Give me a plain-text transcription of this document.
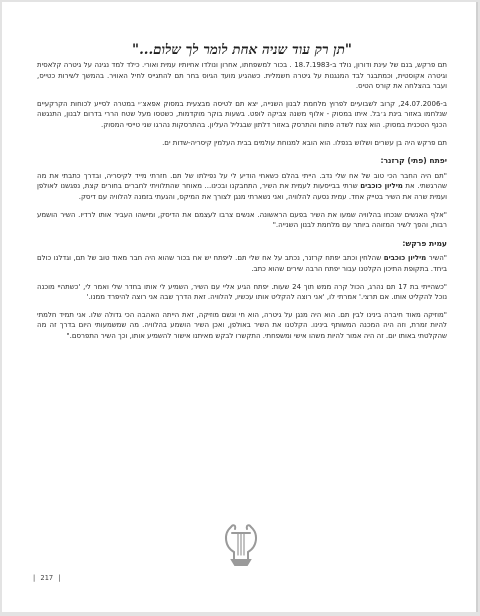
"תן רק עוד שניה אחת לומר לך שלום..."

תם פרקש, בנם של עינת ודורון, נולד ב-18.7.1983 . בכור למשפחתו, אחרון ונולדו אחיותיו עמית ואורי. כילד למד נגינה על גיטרה קלאסית וגיטרה אקוסטית, וכמתבגר לבד המנגנות על גיטרה חשמלית. כשהגיע מועד הגיוס בחר תם להתגייס לחיל האוויר. בהמשך לשירות כטייס, ועבר בהצלחה את קורס הטיס.

ב-24.07.2006, קרוב לשבועיים לפרוץ מלחמת לבנון השנייה, יצא תם לטיסה מבצעית במסוק אפאצ׳י במטרה לסייע לכוחות הקרקעיים שנלחמו באזור בינת ג׳בל. איתו במסוק - אלוף משנה צביקה לופט. בשעות בוקר מוקדמות, כשטסו מעל שטח הררי בדרום לבנון, התנגשה הכנף הטכנית במסוק. הוא צנח לשדה פתוח והתרסק באזור דלתון שבגליל העליון. בהתרסקות נהרגו שני טייסי המסוק.

תם פרקש היה בן עשרים ושלוש בנפלו. הוא הובא למנוחת עולמים בבית העלמין קיסריה-שדות ים.

יפתח (פתי) קרזנר:

"תם היה החבר הכי טוב של אח שלי נדב. הייתי בהלם כשאחי הודיע לי על נפילתו של תם. חזרתי מייד לקיסריה, ובדרך כתבתי את מה שהרגשתי. את מיליון כוכבים שרתי בבייסעות לעמית את השיר, התחבקנו ובכינו... מאוחר שהתלוויתי לחברים בחורים קצת, נפגשנו לאולפן ועמית שרה את השיר בטייק אחד. עמית נסעה להלוויה, ואני נשארתי מנגן לצורך את המיקס, והגעתי בזמנה להלוויה עם דיסק.

"אלף האנשים שנכחו בהלוויה שמעו את השיר בפעם הראשונה. אנשים צרבו לעצמם את הדיסק, ומישהו העביר אותו לרדיו. השיר הושמע רבות, והפך לשיר המזוהה ביותר עם מלחמת לבנון השנייה."

עמית פרקש:

"השיר מיליון כוכבים שהלחין וכתב יפתח קרזנר, נכתב על אח שלי תם. ליפתח יש אח בכור שהוא היה חבר מאוד טוב של תם, וגדלנו כולם ביחד. בתקופת התיכון הקלטנו עבור יפתח הרבה שירים שהוא כתב.

"כשהייתי בת 17 תם נהרג, הכול קרה ממש תוך 24 שעות. יפתח הגיע אליי עם השיר, השמיע לי אותו בחדר שלי ואמר לי, 'כשתהיי מוכנה נוכל להקליט אותו. אם תרצי.' אמרתי לו, 'אני רוצה להקליט אותו עכשיו, להלוויה. זאת הדרך שבה אני רוצה להיפרד ממנו.'

"מוזיקה מאוד חיברה בינינו לבין תם. הוא היה מנגן על גיטרה, הוא חי ונשם מוזיקה, זאת הייתה האהבה הכי גדולה שלו. אני תמיד חלמתי להיות זמרת, וזה היה המכנה המשותף בינינו. הקלטנו את השיר באולפן, ואכן השיר הושמע בהלוויה. מה שמשמעותי היום בדרך זה מה שהקלטתי באותו יום. זה היה אמור להיות משהו אישי ומשפחתי. התקשרו לבקש מאיתנו אישור להשמיע אותו, וכך השיר התפרסם."

| 217 |
